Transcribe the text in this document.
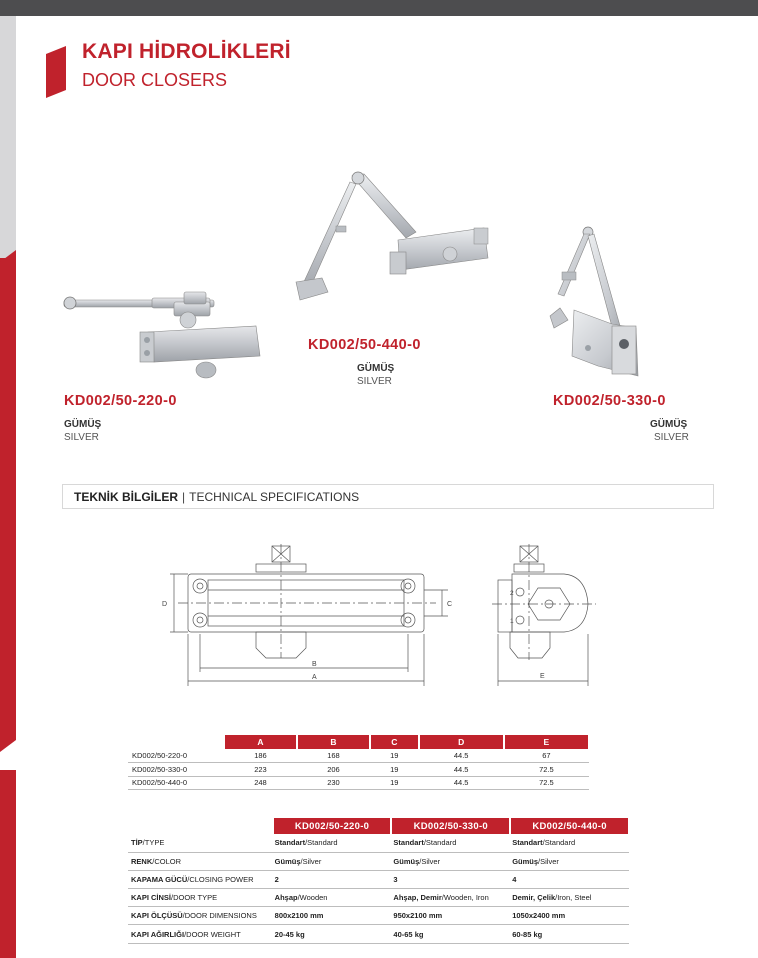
KAPI HİDROLİKLERİ
DOOR CLOSERS
KD002/50-220-0
GÜMÜŞ
SILVER
KD002/50-440-0
GÜMÜŞ
SILVER
KD002/50-330-0
GÜMÜŞ
SILVER
TEKNİK BİLGİLER | TECHNICAL SPECIFICATIONS
D	C
B
A
2
1
E
	A	B	C	D	E
KD002/50-220-0	186	168	19	44.5	67
KD002/50-330-0	223	206	19	44.5	72.5
KD002/50-440-0	248	230	19	44.5	72.5
	KD002/50-220-0	KD002/50-330-0	KD002/50-440-0
TİP/TYPE	Standart/Standard	Standart/Standard	Standart/Standard
RENK/COLOR	Gümüş/Silver	Gümüş/Silver	Gümüş/Silver
KAPAMA GÜCÜ/CLOSING POWER	2	3	4
KAPI CİNSİ/DOOR TYPE	Ahşap/Wooden	Ahşap, Demir/Wooden, Iron	Demir, Çelik/Iron, Steel
KAPI ÖLÇÜSÜ/DOOR DIMENSIONS	800x2100 mm	950x2100 mm	1050x2400 mm
KAPI AĞIRLIĞI/DOOR WEIGHT	20-45 kg	40-65 kg	60-85 kg
